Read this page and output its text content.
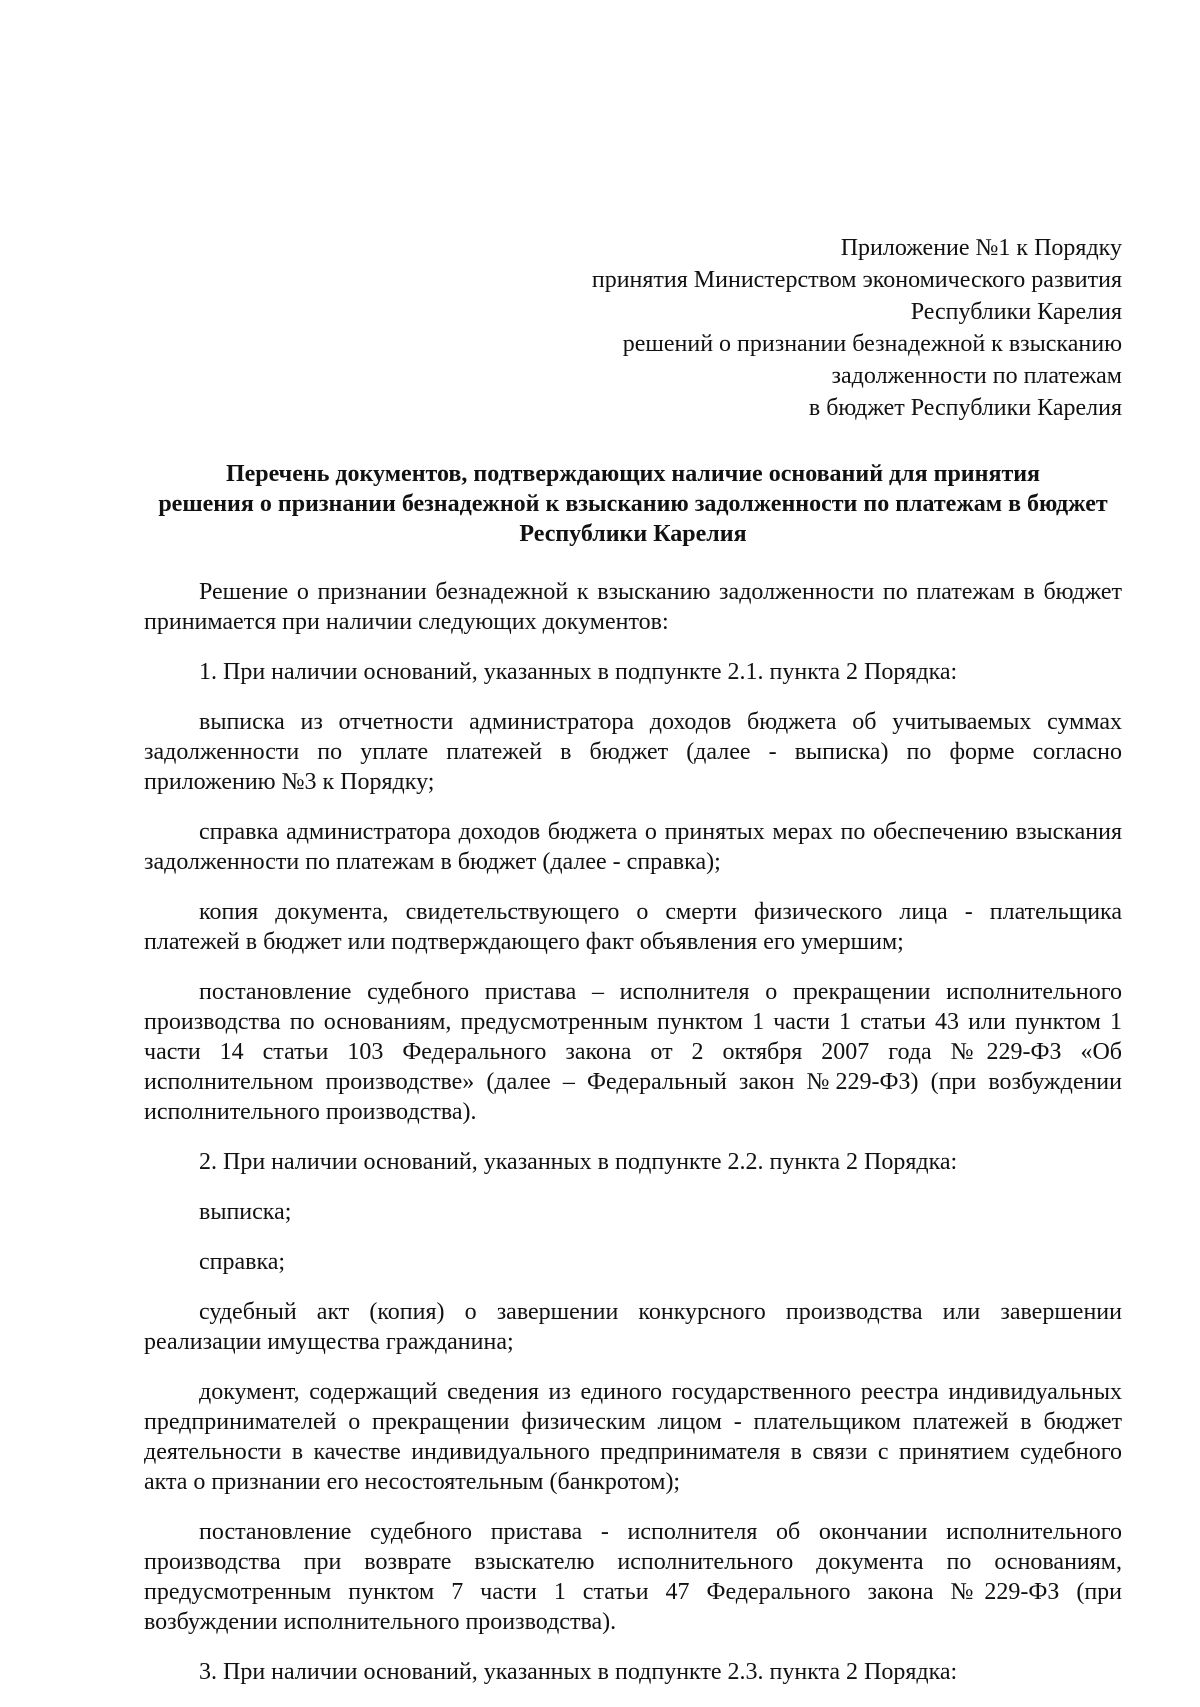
Приложение №1 к Порядку
принятия Министерством экономического развития
Республики Карелия
решений о признании безнадежной к взысканию
задолженности по платежам
в бюджет Республики Карелия
Перечень документов, подтверждающих наличие оснований для принятия
решения о признании безнадежной к взысканию задолженности по платежам в бюджет
Республики Карелия

Решение о признании безнадежной к взысканию задолженности по платежам в бюджет принимается при наличии следующих документов:

1. При наличии оснований, указанных в подпункте 2.1. пункта 2 Порядка:

выписка из отчетности администратора доходов бюджета об учитываемых суммах задолженности по уплате платежей в бюджет (далее - выписка) по форме согласно приложению №3 к Порядку;

справка администратора доходов бюджета о принятых мерах по обеспечению взыскания задолженности по платежам в бюджет (далее - справка);

копия документа, свидетельствующего о смерти физического лица - плательщика платежей в бюджет или подтверждающего факт объявления его умершим;

постановление судебного пристава – исполнителя о прекращении исполнительного производства по основаниям, предусмотренным пунктом 1 части 1 статьи 43 или пунктом 1 части 14 статьи 103 Федерального закона от 2 октября 2007 года №229-ФЗ «Об исполнительном производстве» (далее – Федеральный закон №229-ФЗ) (при возбуждении исполнительного производства).

2. При наличии оснований, указанных в подпункте 2.2. пункта 2 Порядка:

выписка;

справка;

судебный акт (копия) о завершении конкурсного производства или завершении реализации имущества гражданина;

документ, содержащий сведения из единого государственного реестра индивидуальных предпринимателей о прекращении физическим лицом - плательщиком платежей в бюджет деятельности в качестве индивидуального предпринимателя в связи с принятием судебного акта о признании его несостоятельным (банкротом);

постановление судебного пристава - исполнителя об окончании исполнительного производства при возврате взыскателю исполнительного документа по основаниям, предусмотренным пунктом 7 части 1 статьи 47 Федерального закона №229-ФЗ (при возбуждении исполнительного производства).

3. При наличии оснований, указанных в подпункте 2.3. пункта 2 Порядка:
